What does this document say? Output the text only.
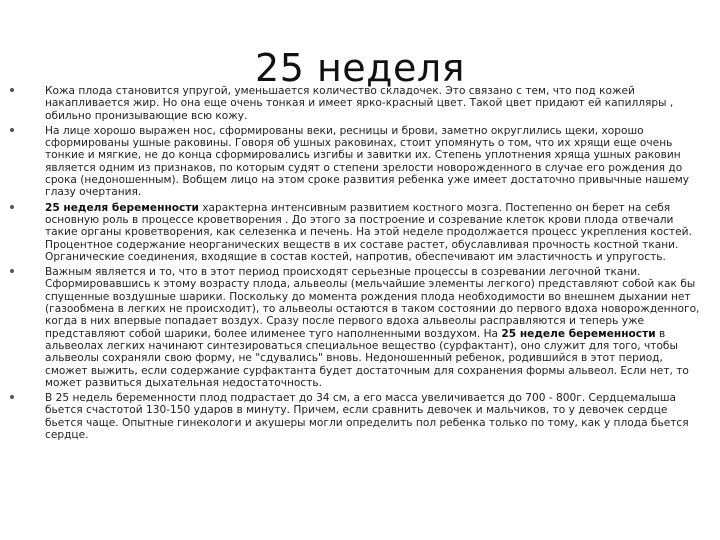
25 неделя
Кожа плода становится упругой, уменьшается количество складочек. Это связано с тем, что под кожей накапливается жир. Но она еще очень тонкая и имеет ярко-красный цвет. Такой цвет придают ей капилляры , обильно пронизывающие всю кожу.
На лице хорошо выражен нос, сформированы веки, ресницы и брови, заметно округлились щеки, хорошо сформированы ушные раковины. Говоря об ушных раковинах, стоит упомянуть о том, что их хрящи еще очень тонкие и мягкие, не до конца сформировались изгибы и завитки их. Степень уплотнения хряща ушных раковин является одним из признаков, по которым судят о степени зрелости новорожденного в случае его рождения до срока (недоношенным). Вобщем лицо на этом сроке развития ребенка уже имеет достаточно привычные нашему глазу очертания.
25 неделя беременности характерна интенсивным развитием костного мозга. Постепенно он берет на себя основную роль в процессе кроветворения . До этого за построение и созревание клеток крови плода отвечали такие органы кроветворения, как селезенка и печень. На этой неделе продолжается процесс укрепления костей. Процентное содержание неорганических веществ в их составе растет, обуславливая прочность костной ткани. Органические соединения, входящие в состав костей, напротив, обеспечивают им эластичность и упругость.
Важным является и то, что в этот период происходят серьезные процессы в созревании легочной ткани. Сформировавшись к этому возрасту плода, альвеолы (мельчайшие элементы легкого) представляют собой как бы спущенные воздушные шарики. Поскольку до момента рождения плода необходимости во внешнем дыхании нет (газообмена в легких не происходит), то альвеолы остаются в таком состоянии до первого вдоха новорожденного, когда в них впервые попадает воздух. Сразу после первого вдоха альвеолы расправляются и теперь уже представляют собой шарики, более илименее туго наполненными воздухом. На 25 неделе беременности в альвеолах легких начинают синтезироваться специальное вещество (сурфактант), оно служит для того, чтобы альвеолы сохраняли свою форму, не "сдувались" вновь. Недоношенный ребенок, родившийся в этот период, сможет выжить, если содержание сурфактанта будет достаточным для сохранения формы альвеол. Если нет, то может развиться дыхательная недостаточность.
В 25 недель беременности плод подрастает до 34 см, а его масса увеличивается до 700 - 800г. Сердцемалыша бьется счастотой 130-150 ударов в минуту. Причем, если сравнить девочек и мальчиков, то у девочек сердце бьется чаще. Опытные гинекологи и акушеры могли определить пол ребенка только по тому, как у плода бьется сердце.
